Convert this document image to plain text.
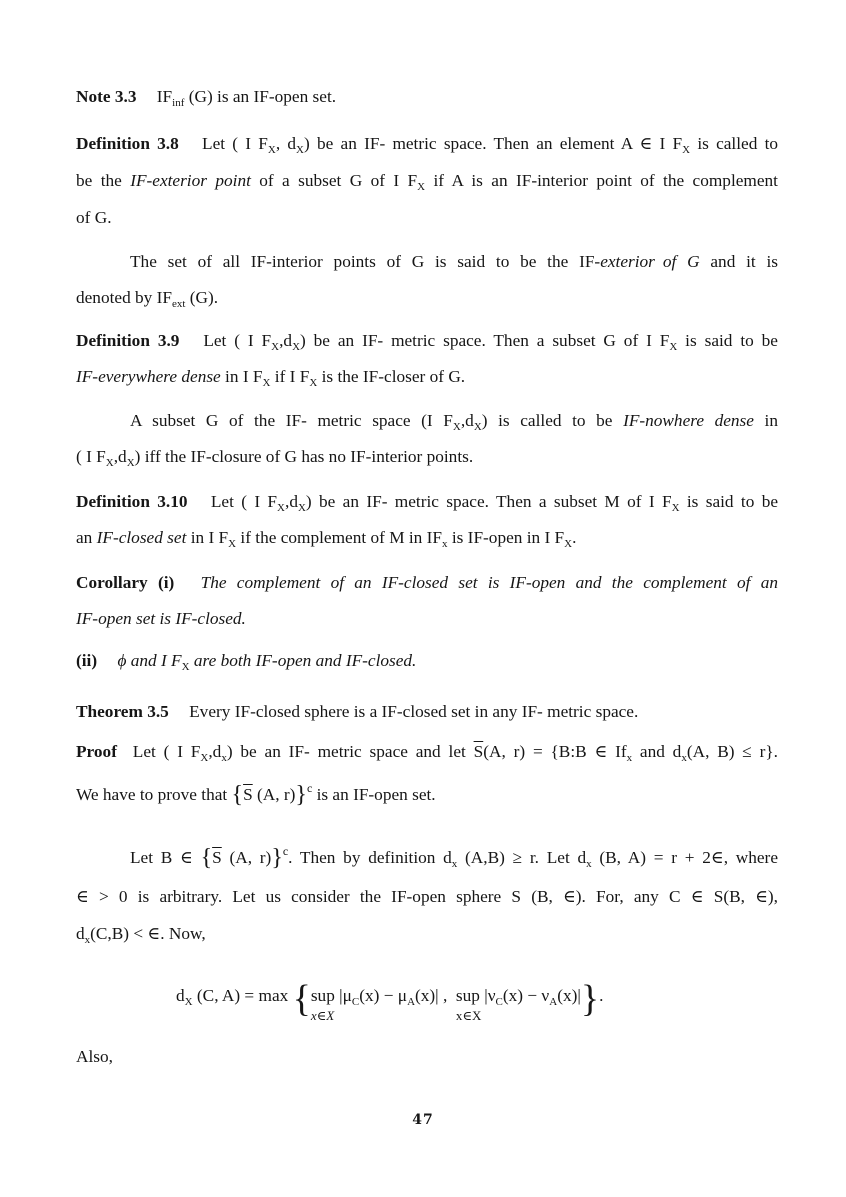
Note 3.3 $IF_{inf}$ (G) is an IF-open set.
Definition 3.8 Let ( I $F_X$, $d_X$) be an IF- metric space. Then an element A ∈ I $F_X$ is called to
be the IF-exterior point of a subset G of I $F_X$ if A is an IF-interior point of the complement
of G.
The set of all IF-interior points of G is said to be the IF-exterior of G and it is
denoted by $IF_{ext}$ (G).
Definition 3.9 Let ( I $F_X,d_X$) be an IF- metric space. Then a subset G of I $F_X$ is said to be
IF-everywhere dense in I $F_X$ if I $F_X$ is the IF-closer of G.
A subset G of the IF- metric space (I $F_X,d_X$) is called to be IF-nowhere dense in
( I $F_X,d_X$) iff the IF-closure of G has no IF-interior points.
Definition 3.10 Let ( I $F_X,d_X$) be an IF- metric space. Then a subset M of I $F_X$ is said to be
an IF-closed set in I $F_X$ if the complement of M in $IF_x$ is IF-open in I $F_X$.
Corollary (i) The complement of an IF-closed set is IF-open and the complement of an
IF-open set is IF-closed.
(ii) ϕ and I $F_X$ are both IF-open and IF-closed.
Theorem 3.5 Every IF-closed sphere is a IF-closed set in any IF- metric space.
Proof Let ( I $F_X,d_x$) be an IF- metric space and let $\overline{S}(A$, r) = {B:B ∈ $If_x$ and $d_x(A$, B) ≤ r}.
We have to prove that {$\overline{S}$ (A, r)}$^c$ is an IF-open set.
Let B ∈ {$\overline{S}$ (A, r)}$^c$. Then by definition $d_x$ (A,B) ≥ r. Let $d_x$ (B, A) = r + 2∈, where
∈ > 0 is arbitrary. Let us consider the IF-open sphere S (B, ∈). For, any C ∈ S(B, ∈),
$d_x(C,B)$ < ∈. Now,
$d_X$ (C, A) = max {sup
x∈X
$|\mu_C(x) - \mu_A(x)|$ ,  sup
x∈X
$|\nu_C(x) - \nu_A(x)|$}.
Also,
47
